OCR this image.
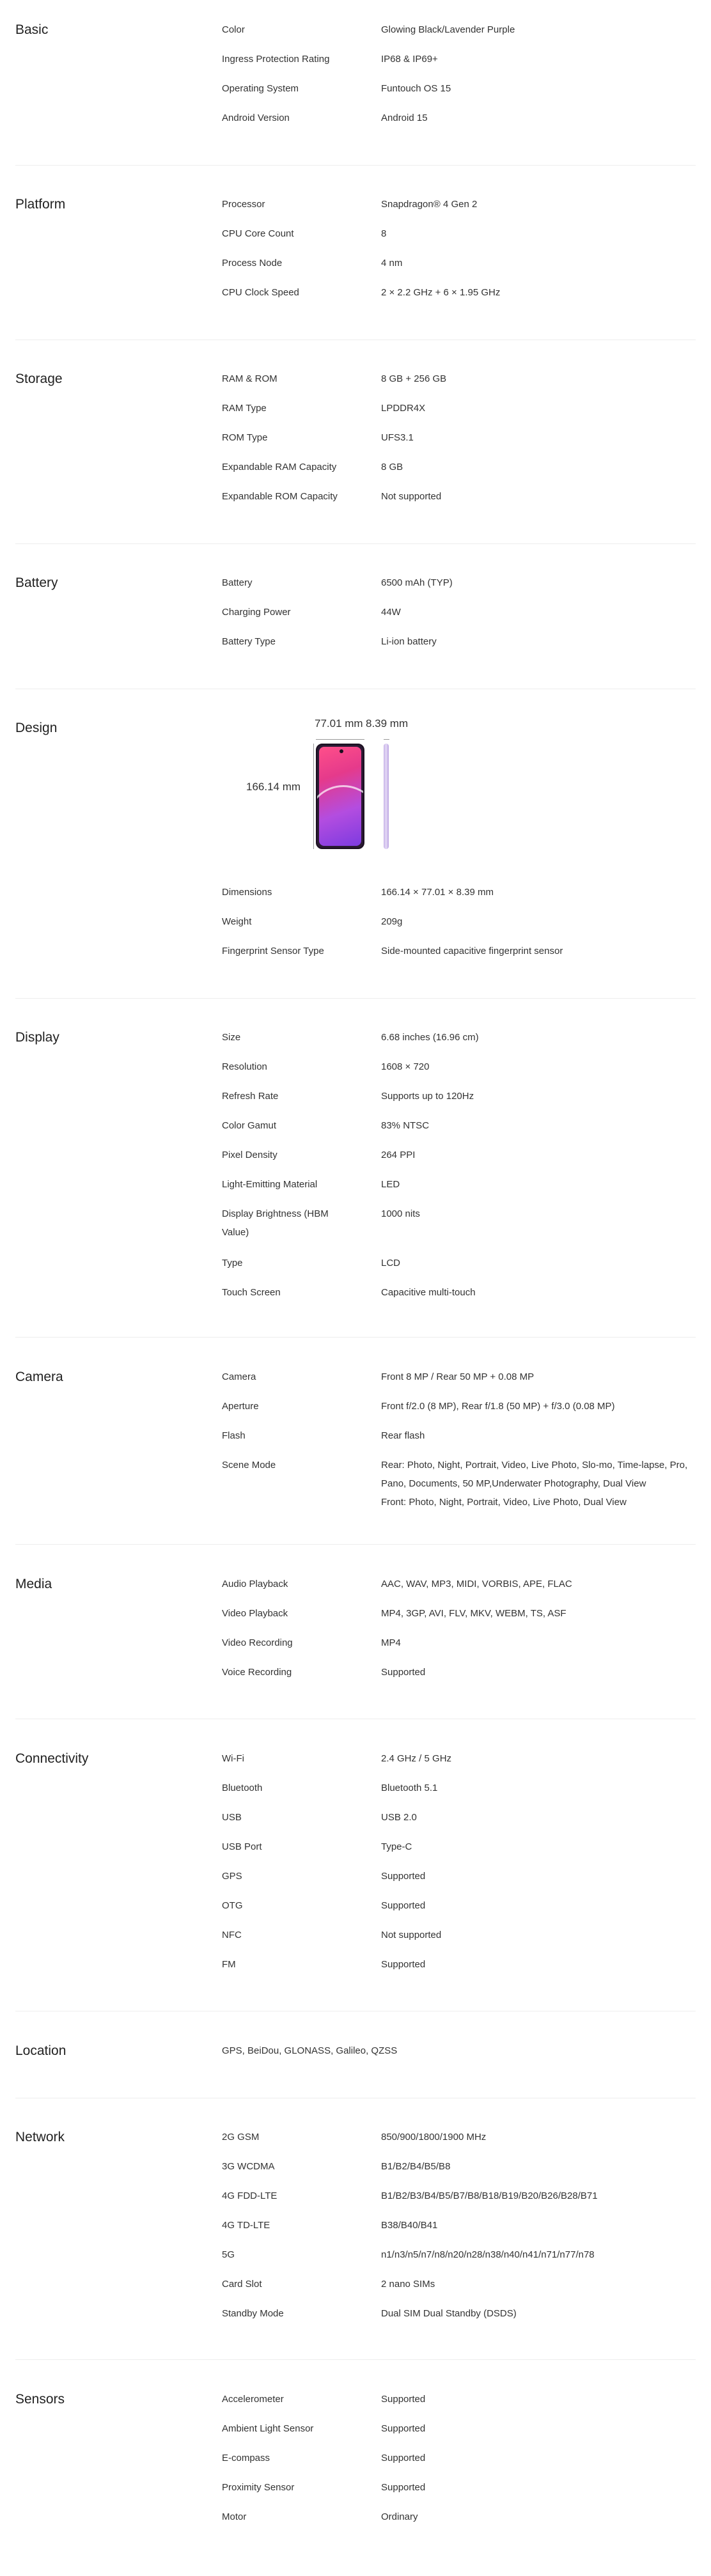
Basic	Color	Glowing Black/Lavender Purple
Ingress Protection Rating	IP68 & IP69+
Operating System	Funtouch OS 15
Android Version	Android 15
Platform	Processor	Snapdragon® 4 Gen 2
CPU Core Count	8
Process Node	4 nm
CPU Clock Speed	2 × 2.2 GHz + 6 × 1.95 GHz
Storage	RAM & ROM	8 GB + 256 GB
RAM Type	LPDDR4X
ROM Type	UFS3.1
Expandable RAM Capacity	8 GB
Expandable ROM Capacity	Not supported
Battery	Battery	6500 mAh (TYP)
Charging Power	44W
Battery Type	Li-ion battery
Design	77.01 mm 8.39 mm
166.14 mm
Dimensions	166.14 × 77.01 × 8.39 mm
Weight	209g
Fingerprint Sensor Type	Side-mounted capacitive fingerprint sensor
Display	Size	6.68 inches (16.96 cm)
Resolution	1608 × 720
Refresh Rate	Supports up to 120Hz
Color Gamut	83% NTSC
Pixel Density	264 PPI
Light-Emitting Material	LED
Display Brightness (HBM	1000 nits
Value)
Type	LCD
Touch Screen	Capacitive multi-touch
Camera	Camera	Front 8 MP / Rear 50 MP + 0.08 MP
Aperture	Front f/2.0 (8 MP), Rear f/1.8 (50 MP) + f/3.0 (0.08 MP)
Flash	Rear flash
Scene Mode	Rear: Photo, Night, Portrait, Video, Live Photo, Slo-mo, Time-lapse, Pro,
Pano, Documents, 50 MP,Underwater Photography, Dual View
Front: Photo, Night, Portrait, Video, Live Photo, Dual View
Media	Audio Playback	AAC, WAV, MP3, MIDI, VORBIS, APE, FLAC
Video Playback	MP4, 3GP, AVI, FLV, MKV, WEBM, TS, ASF
Video Recording	MP4
Voice Recording	Supported
Connectivity	Wi-Fi	2.4 GHz / 5 GHz
Bluetooth	Bluetooth 5.1
USB	USB 2.0
USB Port	Type-C
GPS	Supported
OTG	Supported
NFC	Not supported
FM	Supported
Location	GPS, BeiDou, GLONASS, Galileo, QZSS
Network	2G GSM	850/900/1800/1900 MHz
3G WCDMA	B1/B2/B4/B5/B8
4G FDD-LTE	B1/B2/B3/B4/B5/B7/B8/B18/B19/B20/B26/B28/B71
4G TD-LTE	B38/B40/B41
5G	n1/n3/n5/n7/n8/n20/n28/n38/n40/n41/n71/n77/n78
Card Slot	2 nano SIMs
Standby Mode	Dual SIM Dual Standby (DSDS)
Sensors	Accelerometer	Supported
Ambient Light Sensor	Supported
E-compass	Supported
Proximity Sensor	Supported
Motor	Ordinary
